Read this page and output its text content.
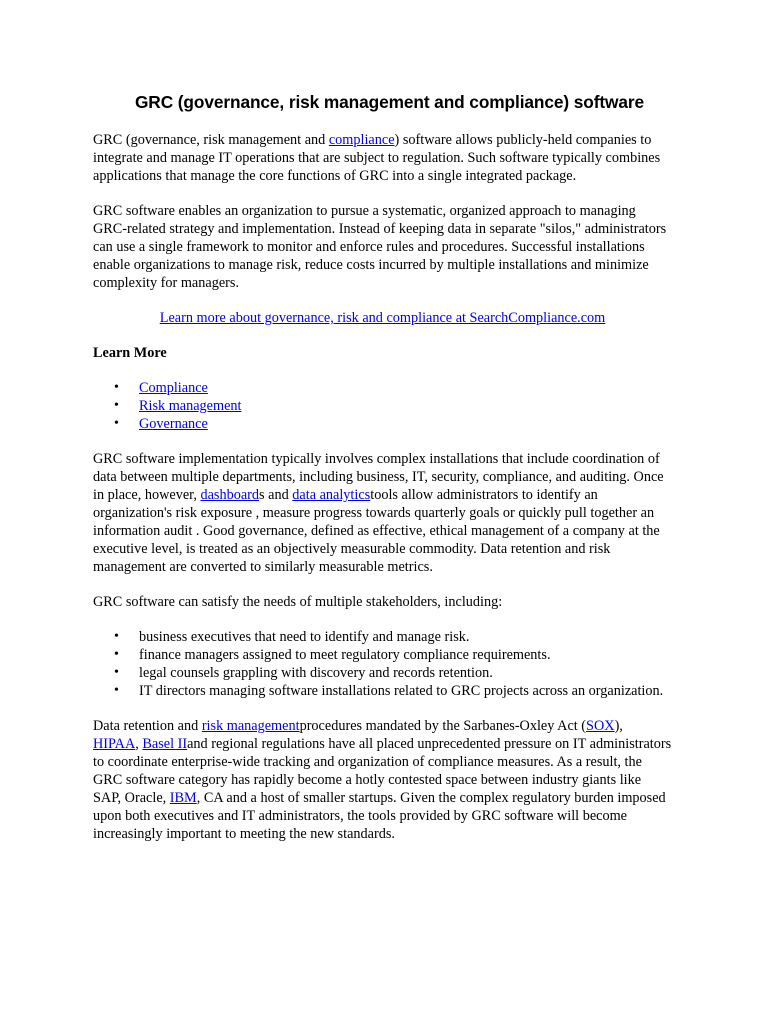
GRC (governance, risk management and compliance) software

GRC (governance, risk management and compliance) software allows publicly-held companies to integrate and manage IT operations that are subject to regulation. Such software typically combines applications that manage the core functions of GRC into a single integrated package.

GRC software enables an organization to pursue a systematic, organized approach to managing GRC-related strategy and implementation. Instead of keeping data in separate "silos," administrators can use a single framework to monitor and enforce rules and procedures. Successful installations enable organizations to manage risk, reduce costs incurred by multiple installations and minimize complexity for managers.

Learn more about governance, risk and compliance at SearchCompliance.com

Learn More

• Compliance
• Risk management
• Governance

GRC software implementation typically involves complex installations that include coordination of data between multiple departments, including business, IT, security, compliance, and auditing. Once in place, however, dashboards and data analyticstools allow administrators to identify an organization's risk exposure , measure progress towards quarterly goals or quickly pull together an information audit . Good governance, defined as effective, ethical management of a company at the executive level, is treated as an objectively measurable commodity. Data retention and risk management are converted to similarly measurable metrics.

GRC software can satisfy the needs of multiple stakeholders, including:

• business executives that need to identify and manage risk.
• finance managers assigned to meet regulatory compliance requirements.
• legal counsels grappling with discovery and records retention.
• IT directors managing software installations related to GRC projects across an organization.

Data retention and risk managementprocedures mandated by the Sarbanes-Oxley Act (SOX), HIPAA, Basel IIand regional regulations have all placed unprecedented pressure on IT administrators to coordinate enterprise-wide tracking and organization of compliance measures. As a result, the GRC software category has rapidly become a hotly contested space between industry giants like SAP, Oracle, IBM, CA and a host of smaller startups. Given the complex regulatory burden imposed upon both executives and IT administrators, the tools provided by GRC software will become increasingly important to meeting the new standards.
